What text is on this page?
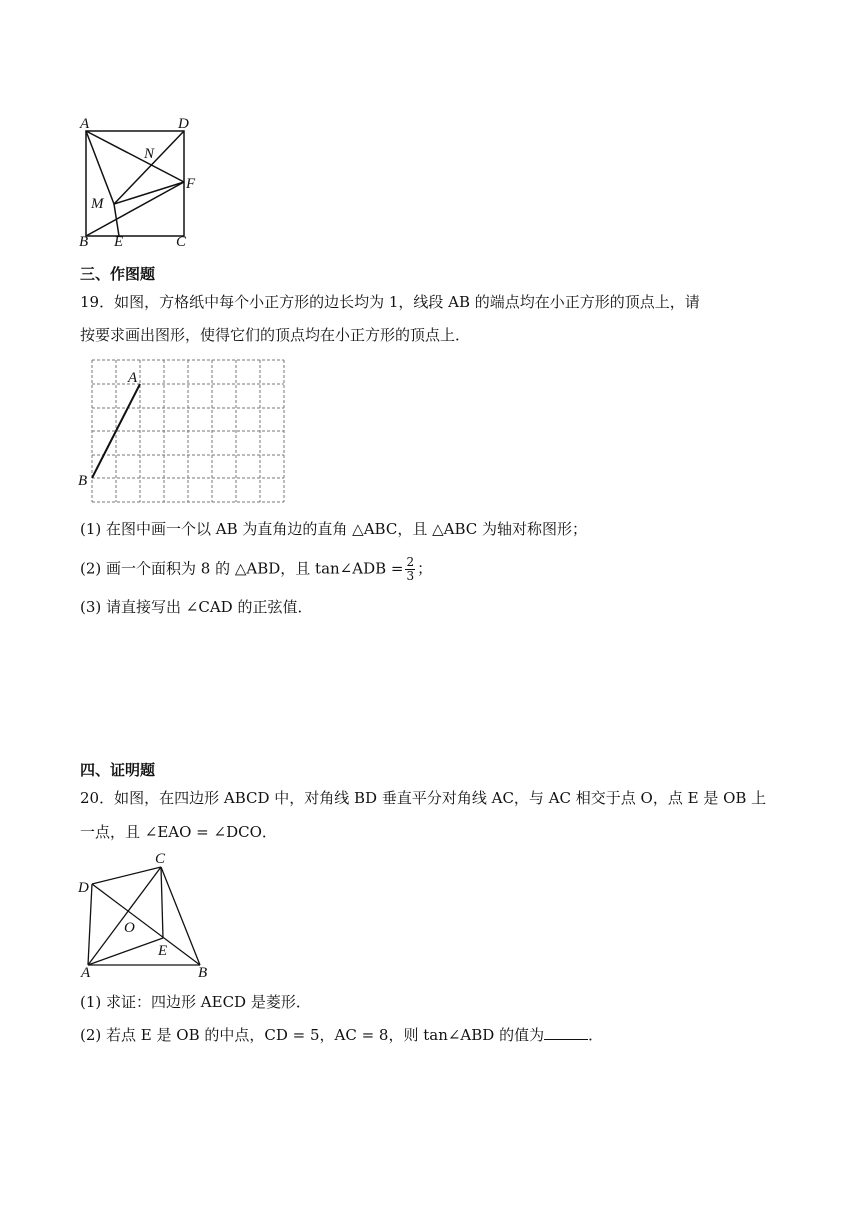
A	D
N
F
M
B E	C
三、作图题
19．如图，方格纸中每个小正方形的边长均为 1，线段 AB 的端点均在小正方形的顶点上，请
按要求画出图形，使得它们的顶点均在小正方形的顶点上．
A
B
(1) 在图中画一个以 AB 为直角边的直角 △ABC，且 △ABC 为轴对称图形；
(2) 画一个面积为 8 的 △ABD，且 tan∠ADB = $\frac{2}{3}$ ；
(3) 请直接写出 ∠CAD 的正弦值．
四、证明题
20．如图，在四边形 ABCD 中，对角线 BD 垂直平分对角线 AC，与 AC 相交于点 O，点 E 是 OB 上
一点，且 ∠EAO = ∠DCO．
C
D
O
E
A	B
(1) 求证：四边形 AECD 是菱形．
(2) 若点 E 是 OB 的中点，CD = 5，AC = 8，则 tan∠ABD 的值为	．
